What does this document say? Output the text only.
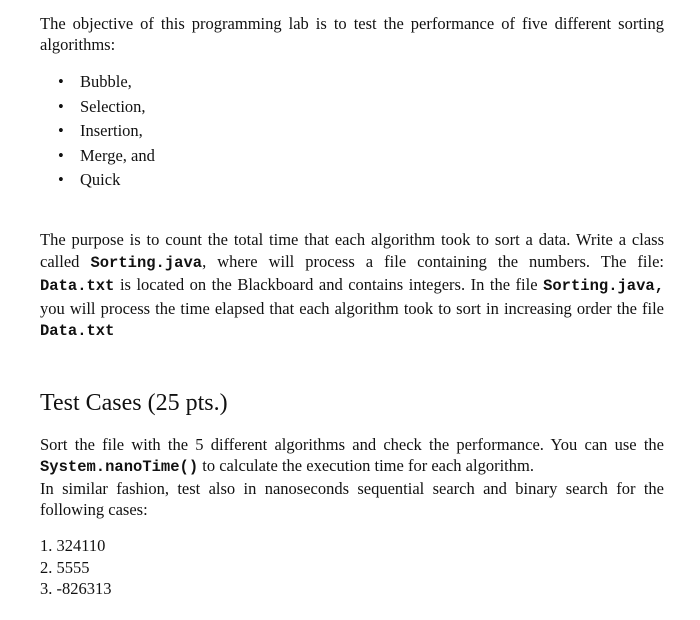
The objective of this programming lab is to test the performance of five different sorting algorithms:

• Bubble,
• Selection,
• Insertion,
• Merge, and
• Quick

The purpose is to count the total time that each algorithm took to sort a data. Write a class called Sorting.java, where will process a file containing the numbers. The file: Data.txt is located on the Blackboard and contains integers. In the file Sorting.java, you will process the time elapsed that each algorithm took to sort in increasing order the file Data.txt

Test Cases (25 pts.)

Sort the file with the 5 different algorithms and check the performance. You can use the System.nanoTime() to calculate the execution time for each algorithm.
In similar fashion, test also in nanoseconds sequential search and binary search for the following cases:

1. 324110
2. 5555
3. -826313
